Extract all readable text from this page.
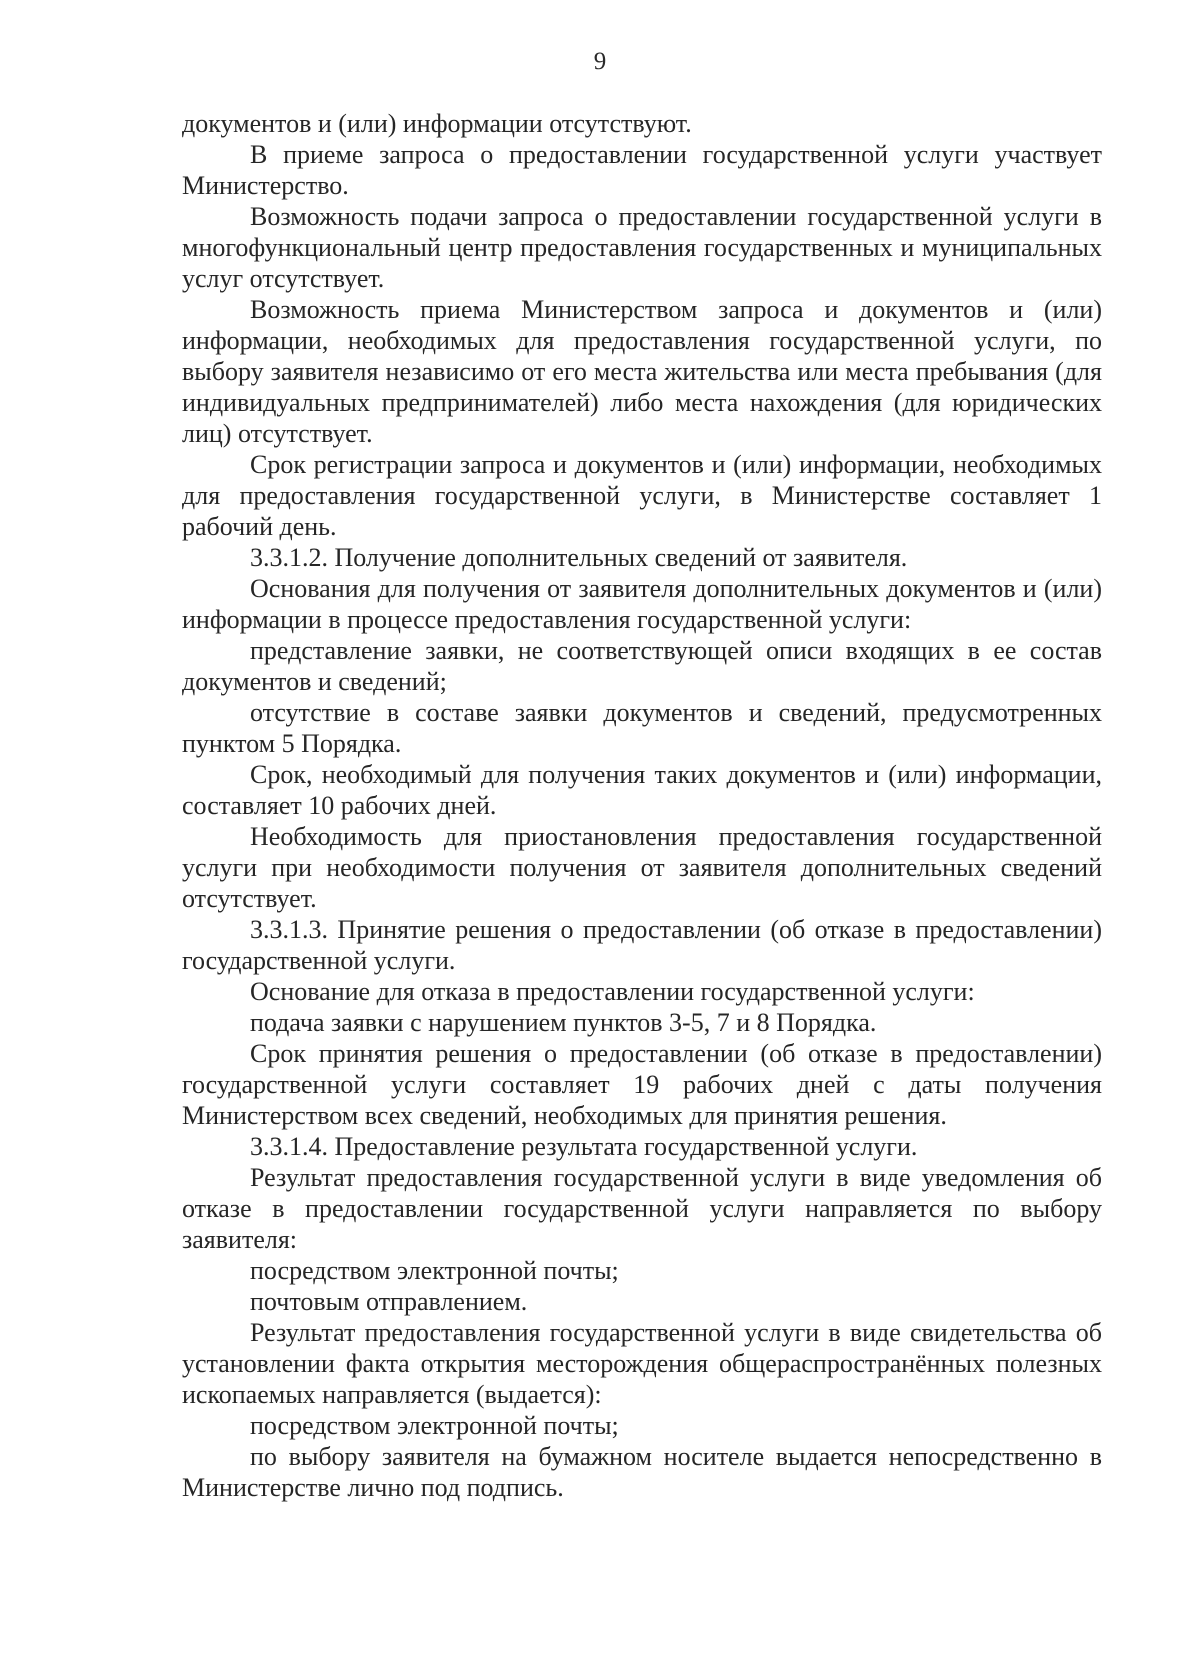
9

документов и (или) информации отсутствуют.

В приеме запроса о предоставлении государственной услуги участвует Министерство.

Возможность подачи запроса о предоставлении государственной услуги в многофункциональный центр предоставления государственных и муниципальных услуг отсутствует.

Возможность приема Министерством запроса и документов и (или) информации, необходимых для предоставления государственной услуги, по выбору заявителя независимо от его места жительства или места пребывания (для индивидуальных предпринимателей) либо места нахождения (для юридических лиц) отсутствует.

Срок регистрации запроса и документов и (или) информации, необходимых для предоставления государственной услуги, в Министерстве составляет 1 рабочий день.

3.3.1.2. Получение дополнительных сведений от заявителя.

Основания для получения от заявителя дополнительных документов и (или) информации в процессе предоставления государственной услуги:

представление заявки, не соответствующей описи входящих в ее состав документов и сведений;

отсутствие в составе заявки документов и сведений, предусмотренных пунктом 5 Порядка.

Срок, необходимый для получения таких документов и (или) информации, составляет 10 рабочих дней.

Необходимость для приостановления предоставления государственной услуги при необходимости получения от заявителя дополнительных сведений отсутствует.

3.3.1.3. Принятие решения о предоставлении (об отказе в предоставлении) государственной услуги.

Основание для отказа в предоставлении государственной услуги:

подача заявки с нарушением пунктов 3-5, 7 и 8 Порядка.

Срок принятия решения о предоставлении (об отказе в предоставлении) государственной услуги составляет 19 рабочих дней с даты получения Министерством всех сведений, необходимых для принятия решения.

3.3.1.4. Предоставление результата государственной услуги.

Результат предоставления государственной услуги в виде уведомления об отказе в предоставлении государственной услуги направляется по выбору заявителя:

посредством электронной почты;

почтовым отправлением.

Результат предоставления государственной услуги в виде свидетельства об установлении факта открытия месторождения общераспространённых полезных ископаемых направляется (выдается):

посредством электронной почты;

по выбору заявителя на бумажном носителе выдается непосредственно в Министерстве лично под подпись.
